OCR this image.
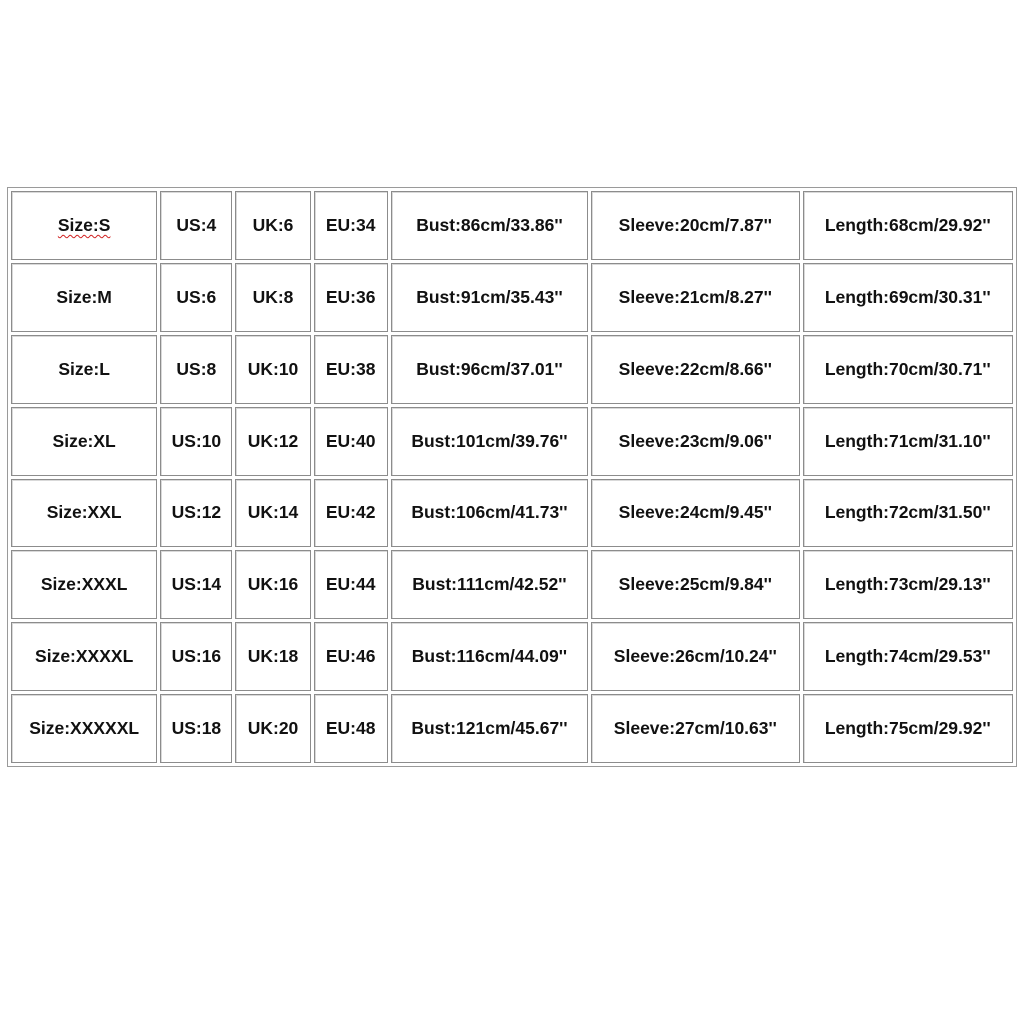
Size:S	US:4	UK:6	EU:34	Bust:86cm/33.86''	Sleeve:20cm/7.87''	Length:68cm/29.92''
Size:M	US:6	UK:8	EU:36	Bust:91cm/35.43''	Sleeve:21cm/8.27''	Length:69cm/30.31''
Size:L	US:8	UK:10	EU:38	Bust:96cm/37.01''	Sleeve:22cm/8.66''	Length:70cm/30.71''
Size:XL	US:10	UK:12	EU:40	Bust:101cm/39.76''	Sleeve:23cm/9.06''	Length:71cm/31.10''
Size:XXL	US:12	UK:14	EU:42	Bust:106cm/41.73''	Sleeve:24cm/9.45''	Length:72cm/31.50''
Size:XXXL	US:14	UK:16	EU:44	Bust:111cm/42.52''	Sleeve:25cm/9.84''	Length:73cm/29.13''
Size:XXXXL	US:16	UK:18	EU:46	Bust:116cm/44.09''	Sleeve:26cm/10.24''	Length:74cm/29.53''
Size:XXXXXL	US:18	UK:20	EU:48	Bust:121cm/45.67''	Sleeve:27cm/10.63''	Length:75cm/29.92''
